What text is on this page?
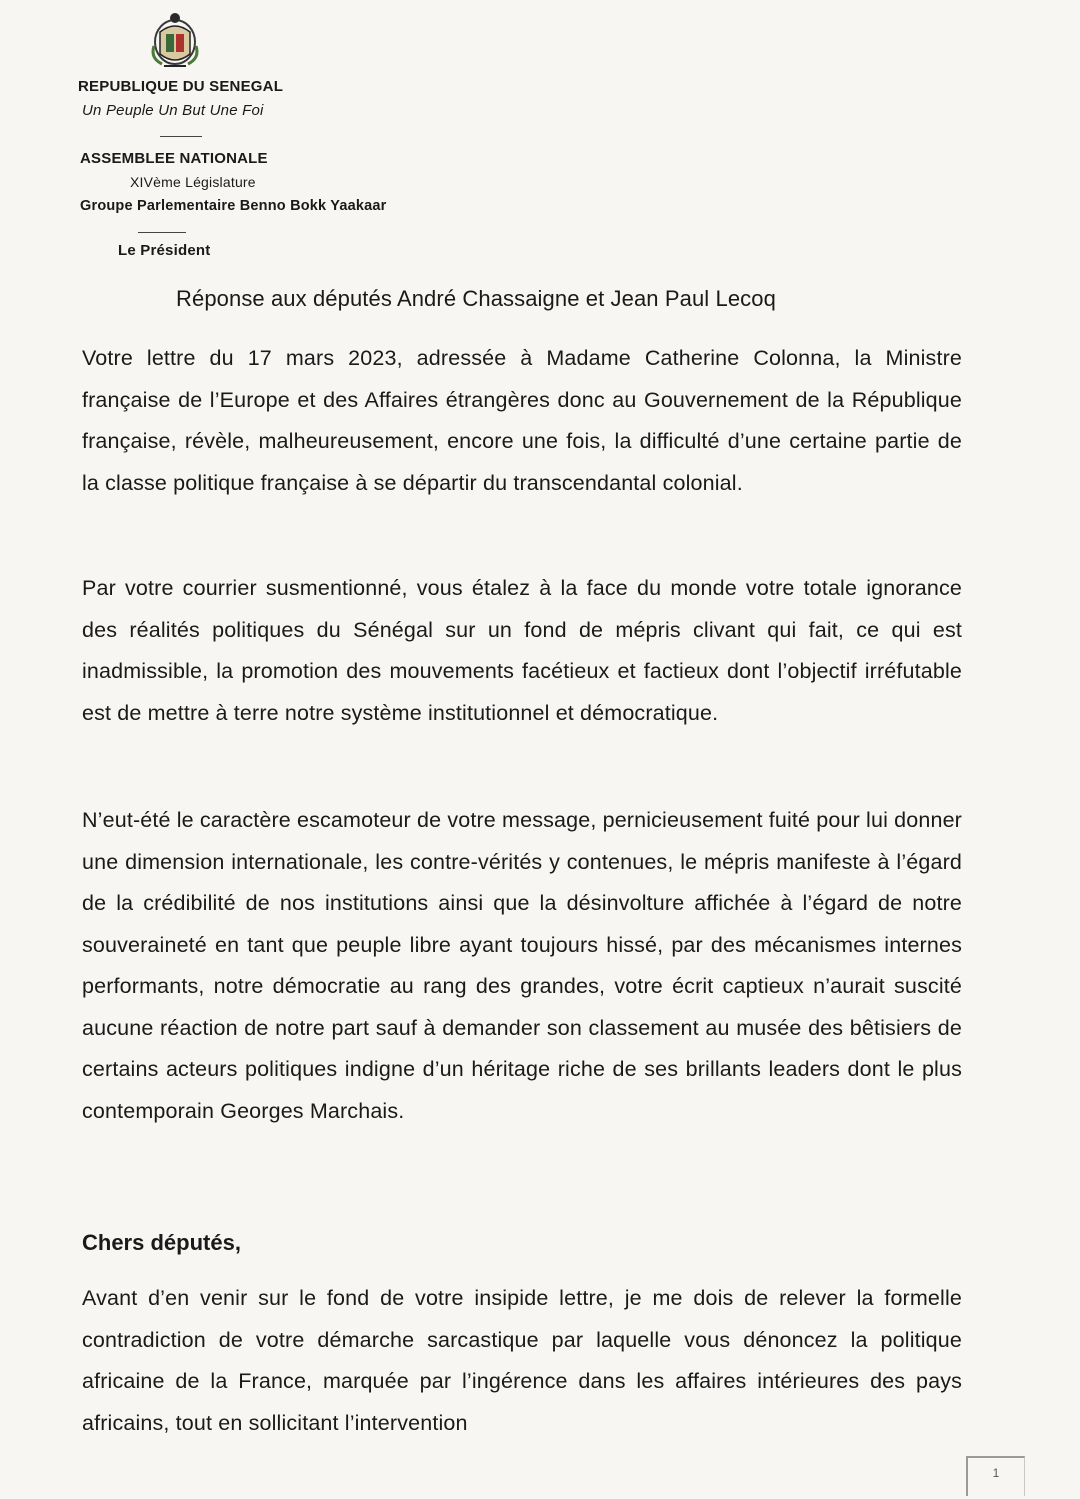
REPUBLIQUE DU SENEGAL
Un Peuple Un But Une Foi
ASSEMBLEE NATIONALE
XIVème Législature
Groupe Parlementaire Benno Bokk Yaakaar
Le Président
Réponse aux députés André Chassaigne et Jean Paul Lecoq

Votre lettre du 17 mars 2023, adressée à Madame Catherine Colonna, la Ministre française de l’Europe et des Affaires étrangères donc au Gouvernement de la République française, révèle, malheureusement, encore une fois, la difficulté d’une certaine partie de la classe politique française à se départir du transcendantal colonial.

Par votre courrier susmentionné, vous étalez à la face du monde votre totale ignorance des réalités politiques du Sénégal sur un fond de mépris clivant qui fait, ce qui est inadmissible, la promotion des mouvements facétieux et factieux dont l’objectif irréfutable est de mettre à terre notre système institutionnel et démocratique.

N’eut-été le caractère escamoteur de votre message, pernicieusement fuité pour lui donner une dimension internationale, les contre-vérités y contenues, le mépris manifeste à l’égard de la crédibilité de nos institutions ainsi que la désinvolture affichée à l’égard de notre souveraineté en tant que peuple libre ayant toujours hissé, par des mécanismes internes performants, notre démocratie au rang des grandes, votre écrit captieux n’aurait suscité aucune réaction de notre part sauf à demander son classement au musée des bêtisiers de certains acteurs politiques indigne d’un héritage riche de ses brillants leaders dont le plus contemporain Georges Marchais.

Chers députés,

Avant d’en venir sur le fond de votre insipide lettre, je me dois de relever la formelle contradiction de votre démarche sarcastique par laquelle vous dénoncez la politique africaine de la France, marquée par l’ingérence dans les affaires intérieures des pays africains, tout en sollicitant l’intervention

1
